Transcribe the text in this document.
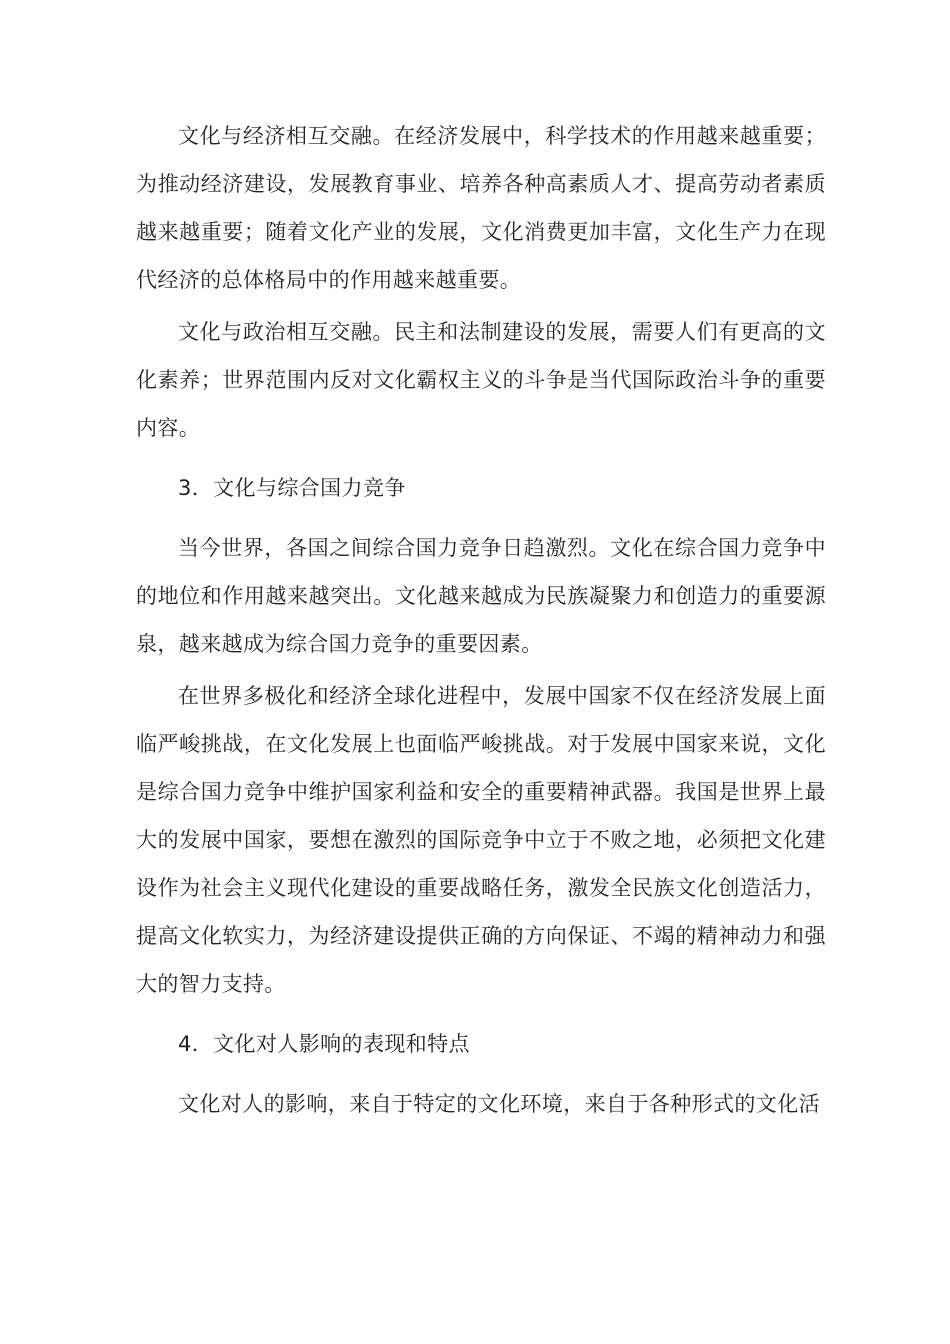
文化与经济相互交融。在经济发展中，科学技术的作用越来越重要；为推动经济建设，发展教育事业、培养各种高素质人才、提高劳动者素质越来越重要；随着文化产业的发展，文化消费更加丰富，文化生产力在现代经济的总体格局中的作用越来越重要。

文化与政治相互交融。民主和法制建设的发展，需要人们有更高的文化素养；世界范围内反对文化霸权主义的斗争是当代国际政治斗争的重要内容。

3．文化与综合国力竞争

当今世界，各国之间综合国力竞争日趋激烈。文化在综合国力竞争中的地位和作用越来越突出。文化越来越成为民族凝聚力和创造力的重要源泉，越来越成为综合国力竞争的重要因素。

在世界多极化和经济全球化进程中，发展中国家不仅在经济发展上面临严峻挑战，在文化发展上也面临严峻挑战。对于发展中国家来说，文化是综合国力竞争中维护国家利益和安全的重要精神武器。我国是世界上最大的发展中国家，要想在激烈的国际竞争中立于不败之地，必须把文化建设作为社会主义现代化建设的重要战略任务，激发全民族文化创造活力，提高文化软实力，为经济建设提供正确的方向保证、不竭的精神动力和强大的智力支持。

4．文化对人影响的表现和特点

文化对人的影响，来自于特定的文化环境，来自于各种形式的文化活
